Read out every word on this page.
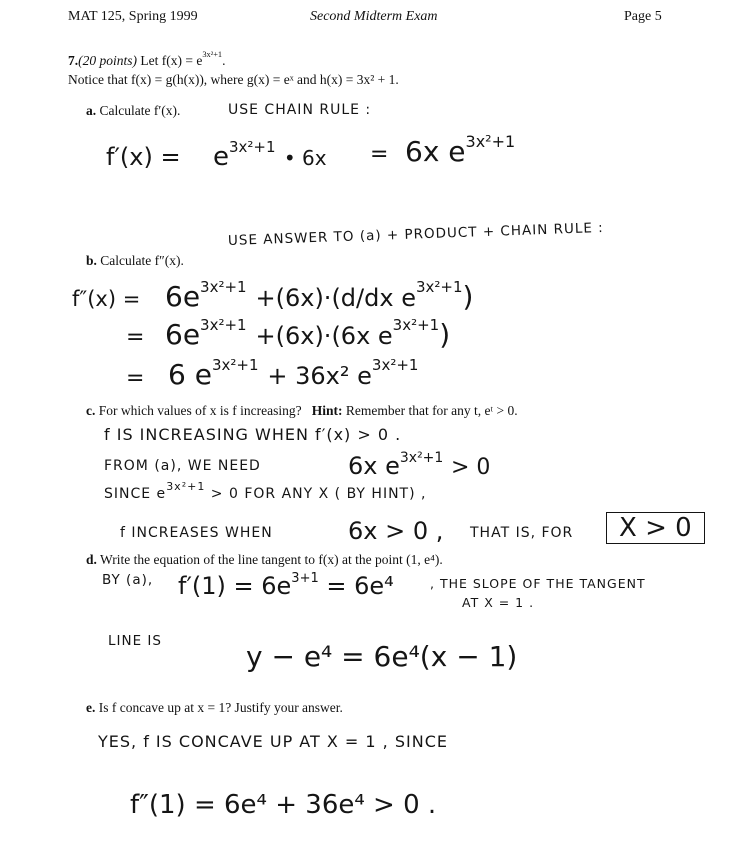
MAT 125, Spring 1999	Second Midterm Exam	Page 5
7.(20 points) Let $f(x) = e^{3x^2+1}$.
Notice that f(x) = g(h(x)), where g(x) = eˣ and h(x) = 3x² + 1.
a. Calculate f′(x).	USE CHAIN RULE :
$f'(x) = e^{3x^2+1}$ • 6x = 6x $e^{3x^2+1}$
b. Calculate f″(x).
USE ANSWER TO (a) + PRODUCT + CHAIN RULE :
$f''(x) = 6e^{3x^2+1} +(6x)\cdot(d/dx$ $e^{3x^2+1}$)
= $6e^{3x^2+1} +(6x)\cdot(6x$ $e^{3x^2+1}$)
= 6 $e^{3x^2+1} + 36x^2$ $e^{3x^2+1}$
c. For which values of x is f increasing? Hint: Remember that for any t, eᵗ > 0.
f IS INCREASING WHEN f′(x) > 0 .
FROM (a), WE NEED	6x $e^{3x^2+1} > 0$
SINCE $e^{3x^2+1} > 0$ FOR ANY X ( BY HINT) ,
f INCREASES WHEN	6x > 0 , THAT IS, FOR	X > 0
d. Write the equation of the line tangent to f(x) at the point (1, e⁴).
BY (a), $f'(1) = 6e^{3+1} = 6e^4$	, THE SLOPE OF THE TANGENT
AT X = 1 .
LINE IS	y − e⁴ = 6e⁴(x − 1)
e. Is f concave up at x = 1? Justify your answer.
YES, f IS CONCAVE UP AT X = 1 , SINCE
f″(1) = 6e⁴ + 36e⁴ > 0 .
